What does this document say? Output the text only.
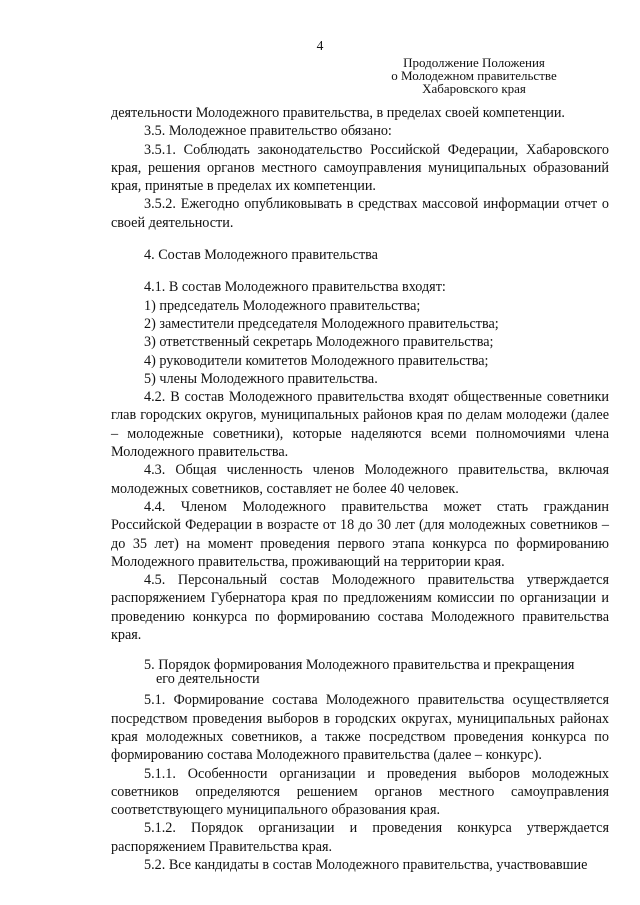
4
Продолжение Положения
о Молодежном правительстве
Хабаровского края

деятельности Молодежного правительства, в пределах своей компетенции.

3.5. Молодежное правительство обязано:

3.5.1. Соблюдать законодательство Российской Федерации, Хабаровского края, решения органов местного самоуправления муниципальных образований края, принятые в пределах их компетенции.

3.5.2. Ежегодно опубликовывать в средствах массовой информации отчет о своей деятельности.

4. Состав Молодежного правительства

4.1. В состав Молодежного правительства входят:

1) председатель Молодежного правительства;

2) заместители председателя Молодежного правительства;

3) ответственный секретарь Молодежного правительства;

4) руководители комитетов Молодежного правительства;

5) члены Молодежного правительства.

4.2. В состав Молодежного правительства входят общественные советники глав городских округов, муниципальных районов края по делам молодежи (далее – молодежные советники), которые наделяются всеми полномочиями члена Молодежного правительства.

4.3. Общая численность членов Молодежного правительства, включая молодежных советников, составляет не более 40 человек.

4.4. Членом Молодежного правительства может стать гражданин Российской Федерации в возрасте от 18 до 30 лет (для молодежных советников – до 35 лет) на момент проведения первого этапа конкурса по формированию Молодежного правительства, проживающий на территории края.

4.5. Персональный состав Молодежного правительства утверждается распоряжением Губернатора края по предложениям комиссии по организации и проведению конкурса по формированию состава Молодежного правительства края.

5. Порядок формирования Молодежного правительства и прекращения
его деятельности

5.1. Формирование состава Молодежного правительства осуществляется посредством проведения выборов в городских округах, муниципальных районах края молодежных советников, а также посредством проведения конкурса по формированию состава Молодежного правительства (далее – конкурс).

5.1.1. Особенности организации и проведения выборов молодежных советников определяются решением органов местного самоуправления соответствующего муниципального образования края.

5.1.2. Порядок организации и проведения конкурса утверждается распоряжением Правительства края.

5.2. Все кандидаты в состав Молодежного правительства, участвовавшие
